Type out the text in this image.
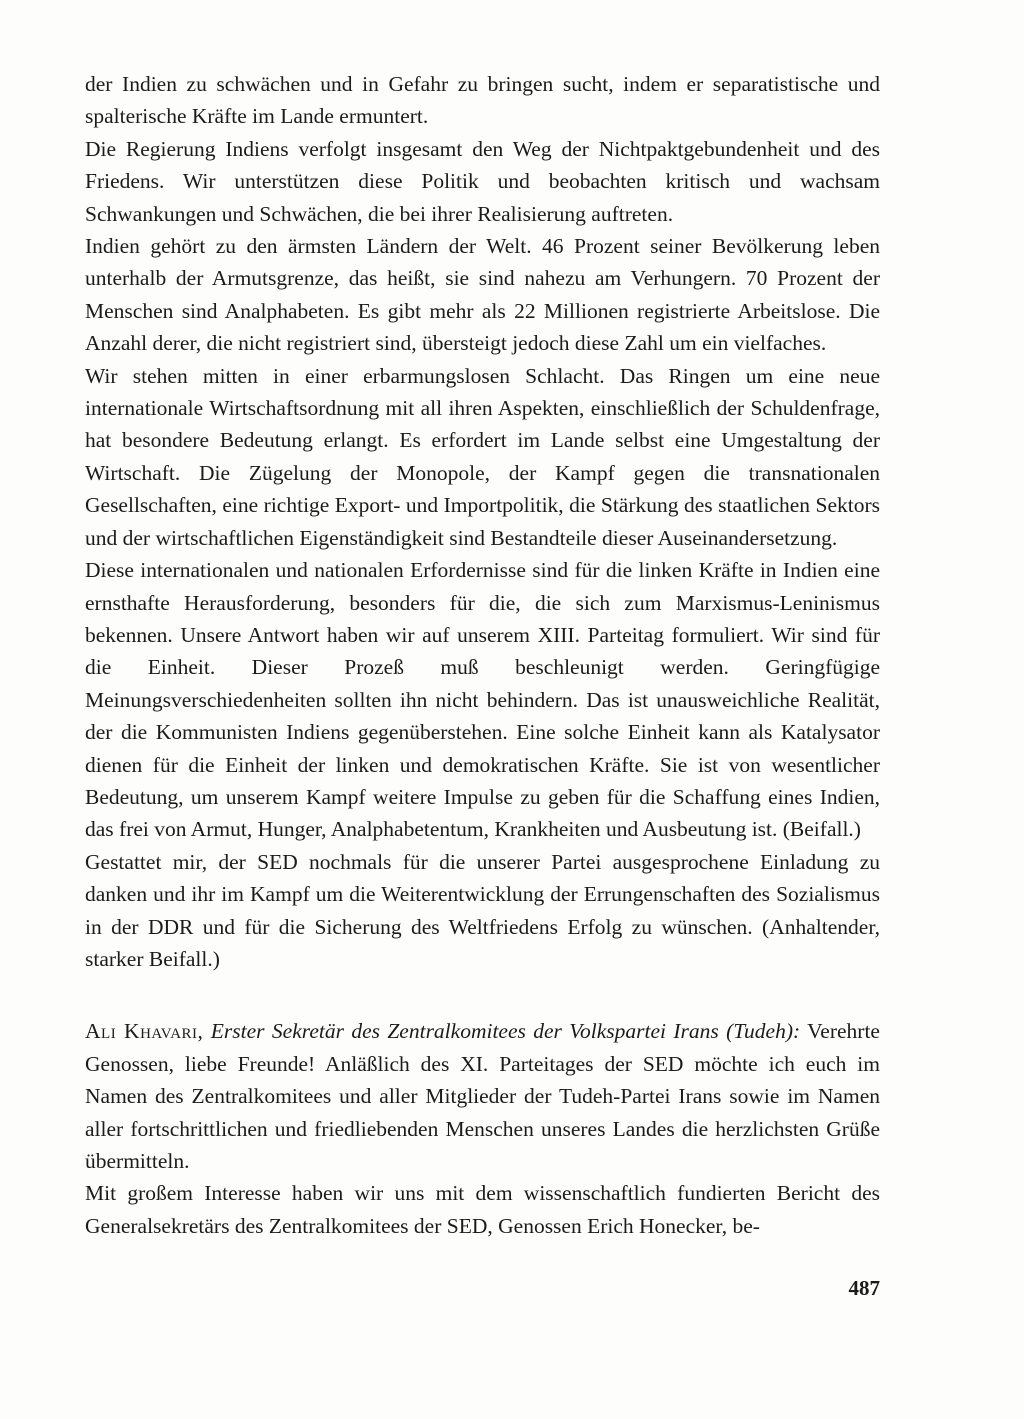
der Indien zu schwächen und in Gefahr zu bringen sucht, indem er separatistische und spalterische Kräfte im Lande ermuntert.

Die Regierung Indiens verfolgt insgesamt den Weg der Nichtpaktgebundenheit und des Friedens. Wir unterstützen diese Politik und beobachten kritisch und wachsam Schwankungen und Schwächen, die bei ihrer Realisierung auftreten.

Indien gehört zu den ärmsten Ländern der Welt. 46 Prozent seiner Bevölkerung leben unterhalb der Armutsgrenze, das heißt, sie sind nahezu am Verhungern. 70 Prozent der Menschen sind Analphabeten. Es gibt mehr als 22 Millionen registrierte Arbeitslose. Die Anzahl derer, die nicht registriert sind, übersteigt jedoch diese Zahl um ein vielfaches.

Wir stehen mitten in einer erbarmungslosen Schlacht. Das Ringen um eine neue internationale Wirtschaftsordnung mit all ihren Aspekten, einschließlich der Schuldenfrage, hat besondere Bedeutung erlangt. Es erfordert im Lande selbst eine Umgestaltung der Wirtschaft. Die Zügelung der Monopole, der Kampf gegen die transnationalen Gesellschaften, eine richtige Export- und Importpolitik, die Stärkung des staatlichen Sektors und der wirtschaftlichen Eigenständigkeit sind Bestandteile dieser Auseinandersetzung.

Diese internationalen und nationalen Erfordernisse sind für die linken Kräfte in Indien eine ernsthafte Herausforderung, besonders für die, die sich zum Marxismus-Leninismus bekennen. Unsere Antwort haben wir auf unserem XIII. Parteitag formuliert. Wir sind für die Einheit. Dieser Prozeß muß beschleunigt werden. Geringfügige Meinungsverschiedenheiten sollten ihn nicht behindern. Das ist unausweichliche Realität, der die Kommunisten Indiens gegenüberstehen. Eine solche Einheit kann als Katalysator dienen für die Einheit der linken und demokratischen Kräfte. Sie ist von wesentlicher Bedeutung, um unserem Kampf weitere Impulse zu geben für die Schaffung eines Indien, das frei von Armut, Hunger, Analphabetentum, Krankheiten und Ausbeutung ist. (Beifall.)

Gestattet mir, der SED nochmals für die unserer Partei ausgesprochene Einladung zu danken und ihr im Kampf um die Weiterentwicklung der Errungenschaften des Sozialismus in der DDR und für die Sicherung des Weltfriedens Erfolg zu wünschen. (Anhaltender, starker Beifall.)

Ali Khavari, Erster Sekretär des Zentralkomitees der Volkspartei Irans (Tudeh): Verehrte Genossen, liebe Freunde! Anläßlich des XI. Parteitages der SED möchte ich euch im Namen des Zentralkomitees und aller Mitglieder der Tudeh-Partei Irans sowie im Namen aller fortschrittlichen und friedliebenden Menschen unseres Landes die herzlichsten Grüße übermitteln.

Mit großem Interesse haben wir uns mit dem wissenschaftlich fundierten Bericht des Generalsekretärs des Zentralkomitees der SED, Genossen Erich Honecker, be-

487
